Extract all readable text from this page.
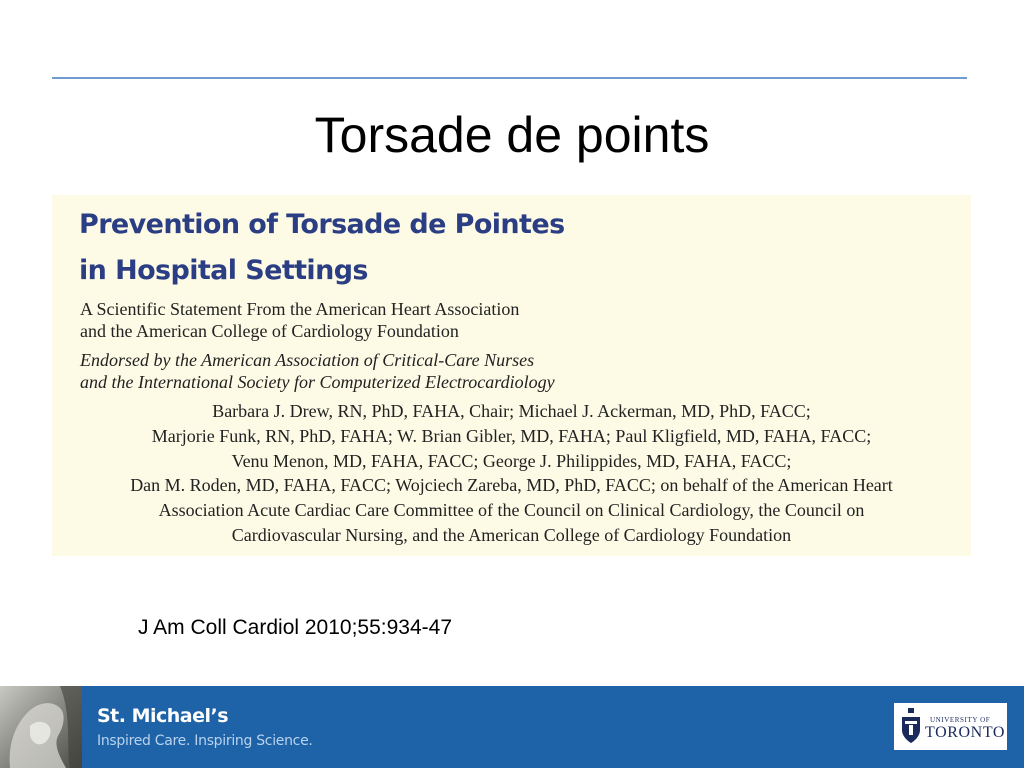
Torsade de points
Prevention of Torsade de Pointes
in Hospital Settings
A Scientific Statement From the American Heart Association
and the American College of Cardiology Foundation
Endorsed by the American Association of Critical-Care Nurses
and the International Society for Computerized Electrocardiology
Barbara J. Drew, RN, PhD, FAHA, Chair; Michael J. Ackerman, MD, PhD, FACC;
Marjorie Funk, RN, PhD, FAHA; W. Brian Gibler, MD, FAHA; Paul Kligfield, MD, FAHA, FACC;
Venu Menon, MD, FAHA, FACC; George J. Philippides, MD, FAHA, FACC;
Dan M. Roden, MD, FAHA, FACC; Wojciech Zareba, MD, PhD, FACC; on behalf of the American Heart
Association Acute Cardiac Care Committee of the Council on Clinical Cardiology, the Council on
Cardiovascular Nursing, and the American College of Cardiology Foundation
J Am Coll Cardiol 2010;55:934-47
St. Michael’s
Inspired Care. Inspiring Science.
UNIVERSITY OF
TORONTO
